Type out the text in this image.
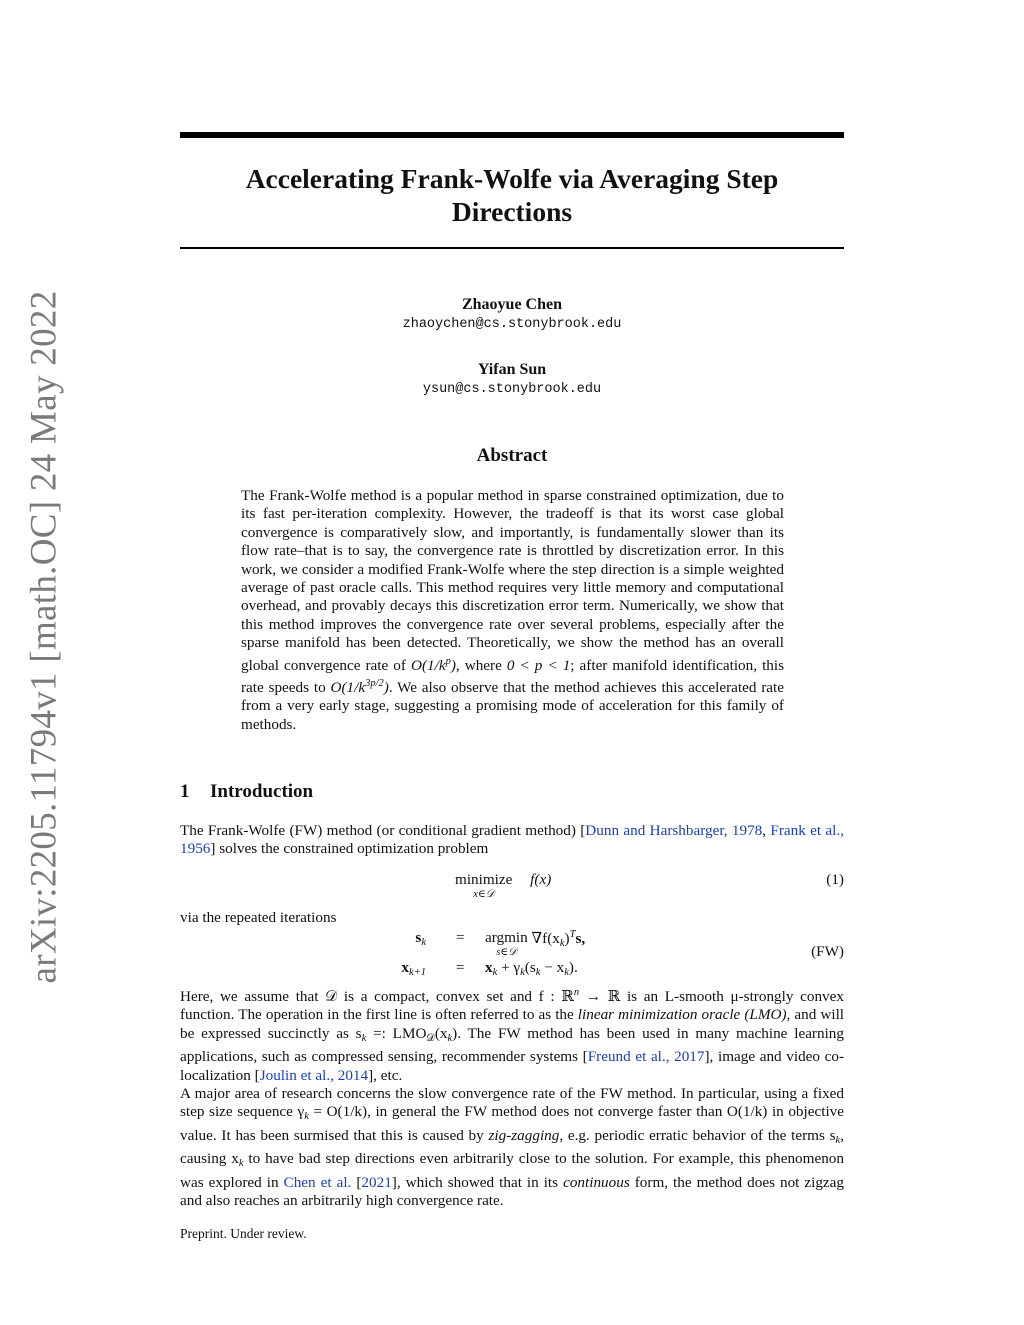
arXiv:2205.11794v1 [math.OC] 24 May 2022
Accelerating Frank-Wolfe via Averaging Step
Directions
Zhaoyue Chen
zhaoychen@cs.stonybrook.edu
Yifan Sun
ysun@cs.stonybrook.edu
Abstract
The Frank-Wolfe method is a popular method in sparse constrained optimization, due to its fast per-iteration complexity. However, the tradeoff is that its worst case global convergence is comparatively slow, and importantly, is fundamentally slower than its flow rate–that is to say, the convergence rate is throttled by discretization error. In this work, we consider a modified Frank-Wolfe where the step direction is a simple weighted average of past oracle calls. This method requires very little memory and computational overhead, and provably decays this discretization error term. Numerically, we show that this method improves the convergence rate over several problems, especially after the sparse manifold has been detected. Theoretically, we show the method has an overall global convergence rate of $O(1/k^p)$, where 0 < p < 1; after manifold identification, this rate speeds to $O(1/k^{3p/2})$. We also observe that the method achieves this accelerated rate from a very early stage, suggesting a promising mode of acceleration for this family of methods.
1 Introduction
The Frank-Wolfe (FW) method (or conditional gradient method) [Dunn and Harshbarger, 1978, Frank et al., 1956] solves the constrained optimization problem
minimize
x∈𝒟
f(x)	(1)
via the repeated iterations
$s_k = argmin$
s∈𝒟
$\nabla f(x_k)^Ts$,
$x_{k+1} = x_k + \gamma_k(s_k - x_k)$.
(FW)
Here, we assume that 𝒟 is a compact, convex set and f : ℝ$^n$ → ℝ is an L-smooth μ-strongly convex function. The operation in the first line is often referred to as the linear minimization oracle (LMO), and will be expressed succinctly as $s_k$ =: $LMO_𝒟(x_k)$. The FW method has been used in many machine learning applications, such as compressed sensing, recommender systems [Freund et al., 2017], image and video co-localization [Joulin et al., 2014], etc.
A major area of research concerns the slow convergence rate of the FW method. In particular, using a fixed step size sequence $\gamma_k = O(1/k)$, in general the FW method does not converge faster than O(1/k) in objective value. It has been surmised that this is caused by zig-zagging, e.g. periodic erratic behavior of the terms $s_k$, causing $x_k$ to have bad step directions even arbitrarily close to the solution. For example, this phenomenon was explored in Chen et al. [2021], which showed that in its continuous form, the method does not zigzag and also reaches an arbitrarily high convergence rate.
Preprint. Under review.
